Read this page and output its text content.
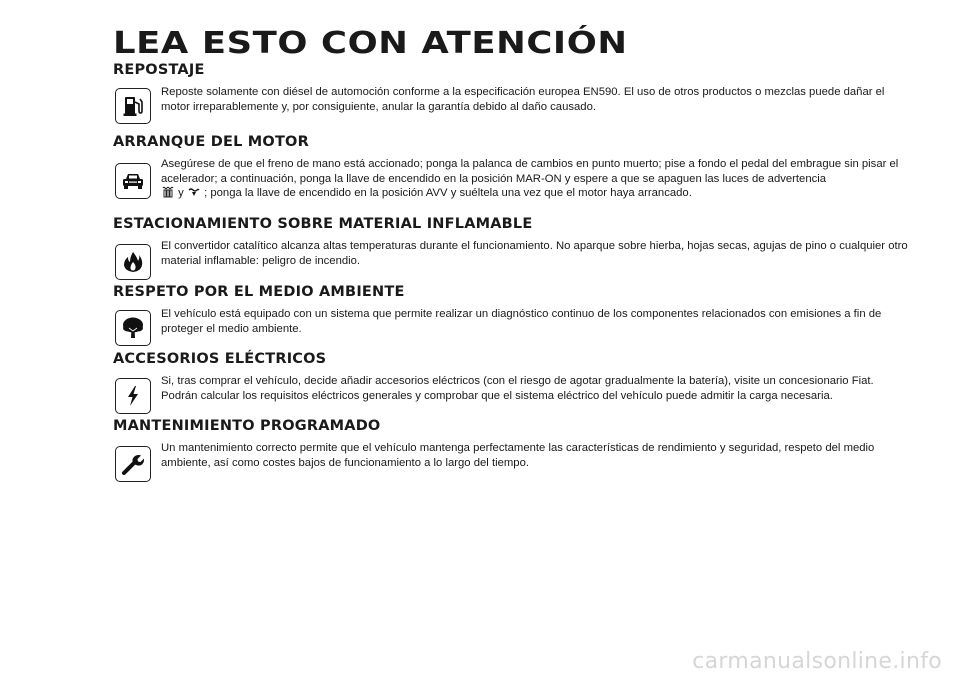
LEA ESTO CON ATENCIÓN
REPOSTAJE
Reposte solamente con diésel de automoción conforme a la especificación europea EN590. El uso de otros productos o mezclas puede dañar el motor irreparablemente y, por consiguiente, anular la garantía debido al daño causado.
ARRANQUE DEL MOTOR
Asegúrese de que el freno de mano está accionado; ponga la palanca de cambios en punto muerto; pise a fondo el pedal del embrague sin pisar el acelerador; a continuación, ponga la llave de encendido en la posición MAR-ON y espere a que se apaguen las luces de advertencia
y ; ponga la llave de encendido en la posición AVV y suéltela una vez que el motor haya arrancado.
ESTACIONAMIENTO SOBRE MATERIAL INFLAMABLE
El convertidor catalítico alcanza altas temperaturas durante el funcionamiento. No aparque sobre hierba, hojas secas, agujas de pino o cualquier otro material inflamable: peligro de incendio.
RESPETO POR EL MEDIO AMBIENTE
El vehículo está equipado con un sistema que permite realizar un diagnóstico continuo de los componentes relacionados con emisiones a fin de proteger el medio ambiente.
ACCESORIOS ELÉCTRICOS
Si, tras comprar el vehículo, decide añadir accesorios eléctricos (con el riesgo de agotar gradualmente la batería), visite un concesionario Fiat. Podrán calcular los requisitos eléctricos generales y comprobar que el sistema eléctrico del vehículo puede admitir la carga necesaria.
MANTENIMIENTO PROGRAMADO
Un mantenimiento correcto permite que el vehículo mantenga perfectamente las características de rendimiento y seguridad, respeto del medio ambiente, así como costes bajos de funcionamiento a lo largo del tiempo.
carmanualsonline.info
